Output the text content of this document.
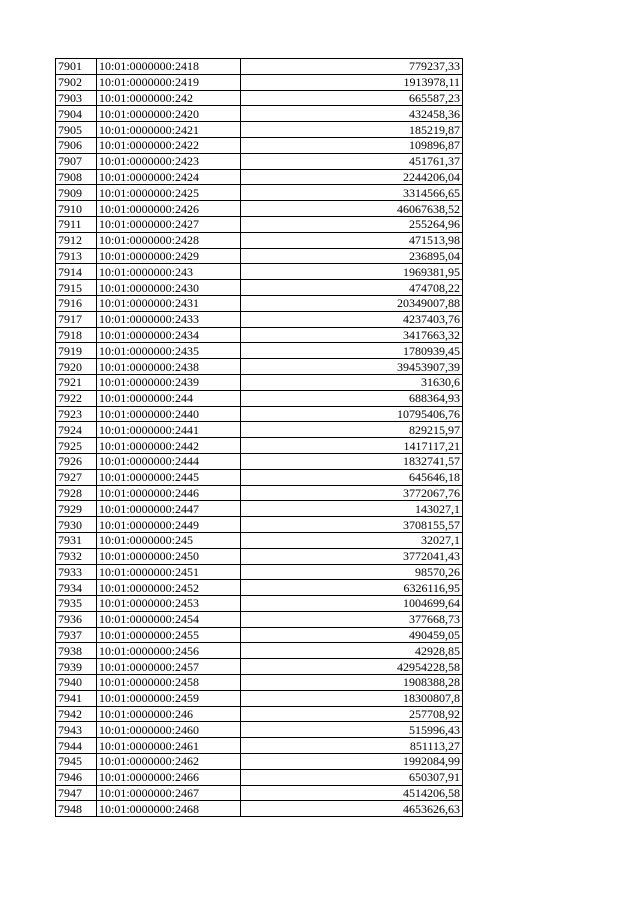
7901	10:01:0000000:2418	779237,33
7902	10:01:0000000:2419	1913978,11
7903	10:01:0000000:242	665587,23
7904	10:01:0000000:2420	432458,36
7905	10:01:0000000:2421	185219,87
7906	10:01:0000000:2422	109896,87
7907	10:01:0000000:2423	451761,37
7908	10:01:0000000:2424	2244206,04
7909	10:01:0000000:2425	3314566,65
7910	10:01:0000000:2426	46067638,52
7911	10:01:0000000:2427	255264,96
7912	10:01:0000000:2428	471513,98
7913	10:01:0000000:2429	236895,04
7914	10:01:0000000:243	1969381,95
7915	10:01:0000000:2430	474708,22
7916	10:01:0000000:2431	20349007,88
7917	10:01:0000000:2433	4237403,76
7918	10:01:0000000:2434	3417663,32
7919	10:01:0000000:2435	1780939,45
7920	10:01:0000000:2438	39453907,39
7921	10:01:0000000:2439	31630,6
7922	10:01:0000000:244	688364,93
7923	10:01:0000000:2440	10795406,76
7924	10:01:0000000:2441	829215,97
7925	10:01:0000000:2442	1417117,21
7926	10:01:0000000:2444	1832741,57
7927	10:01:0000000:2445	645646,18
7928	10:01:0000000:2446	3772067,76
7929	10:01:0000000:2447	143027,1
7930	10:01:0000000:2449	3708155,57
7931	10:01:0000000:245	32027,1
7932	10:01:0000000:2450	3772041,43
7933	10:01:0000000:2451	98570,26
7934	10:01:0000000:2452	6326116,95
7935	10:01:0000000:2453	1004699,64
7936	10:01:0000000:2454	377668,73
7937	10:01:0000000:2455	490459,05
7938	10:01:0000000:2456	42928,85
7939	10:01:0000000:2457	42954228,58
7940	10:01:0000000:2458	1908388,28
7941	10:01:0000000:2459	18300807,8
7942	10:01:0000000:246	257708,92
7943	10:01:0000000:2460	515996,43
7944	10:01:0000000:2461	851113,27
7945	10:01:0000000:2462	1992084,99
7946	10:01:0000000:2466	650307,91
7947	10:01:0000000:2467	4514206,58
7948	10:01:0000000:2468	4653626,63
